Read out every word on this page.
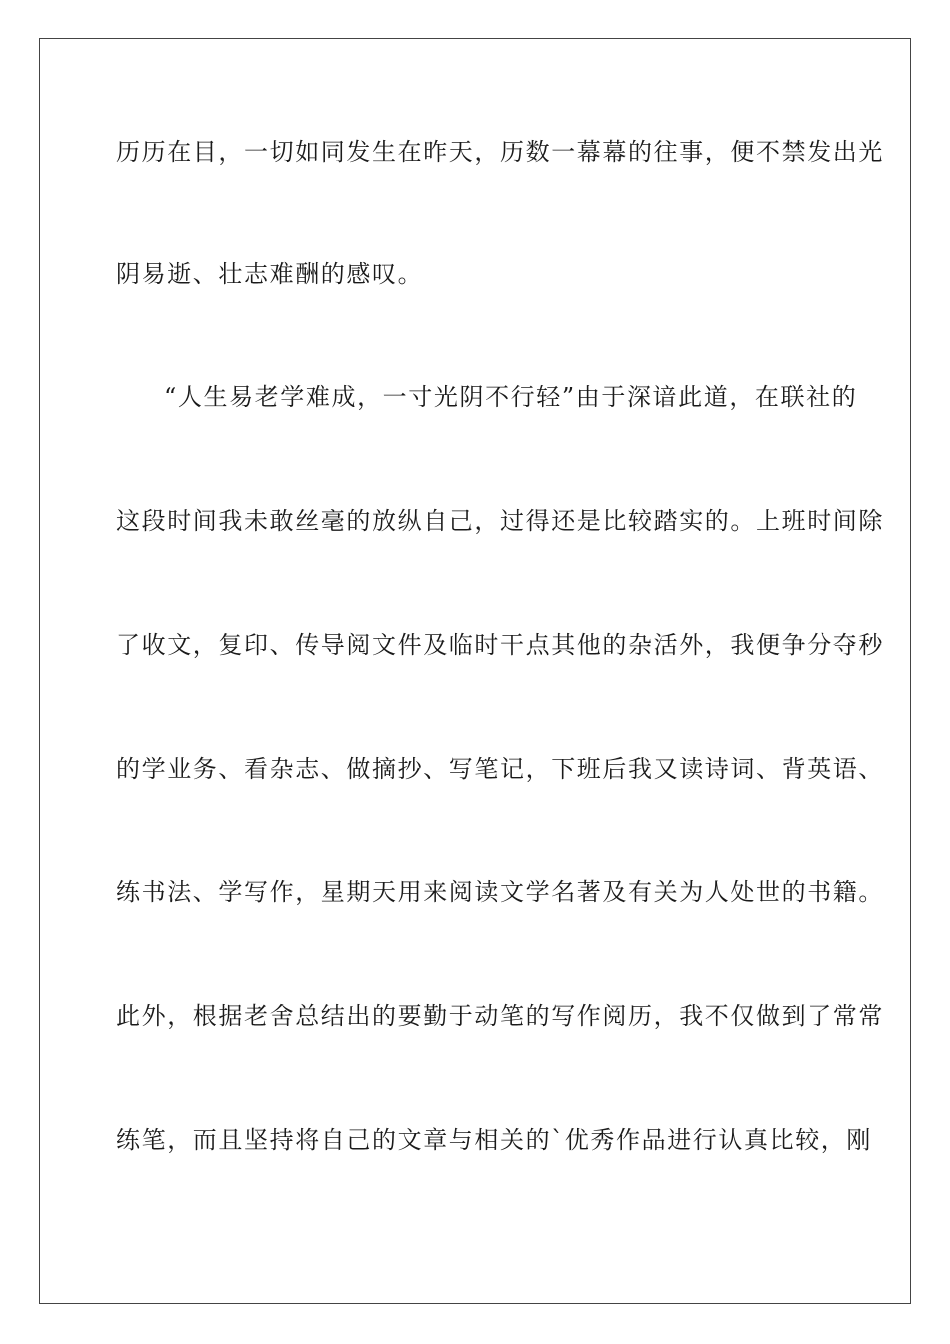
历历在目，一切如同发生在昨天，历数一幕幕的往事，便不禁发出光
阴易逝、壮志难酬的感叹。
“人生易老学难成，一寸光阴不行轻”由于深谙此道，在联社的
这段时间我未敢丝毫的放纵自己，过得还是比较踏实的。上班时间除
了收文，复印、传导阅文件及临时干点其他的杂活外，我便争分夺秒
的学业务、看杂志、做摘抄、写笔记，下班后我又读诗词、背英语、
练书法、学写作，星期天用来阅读文学名著及有关为人处世的书籍。
此外，根据老舍总结出的要勤于动笔的写作阅历，我不仅做到了常常
练笔，而且坚持将自己的文章与相关的`优秀作品进行认真比较，刚
